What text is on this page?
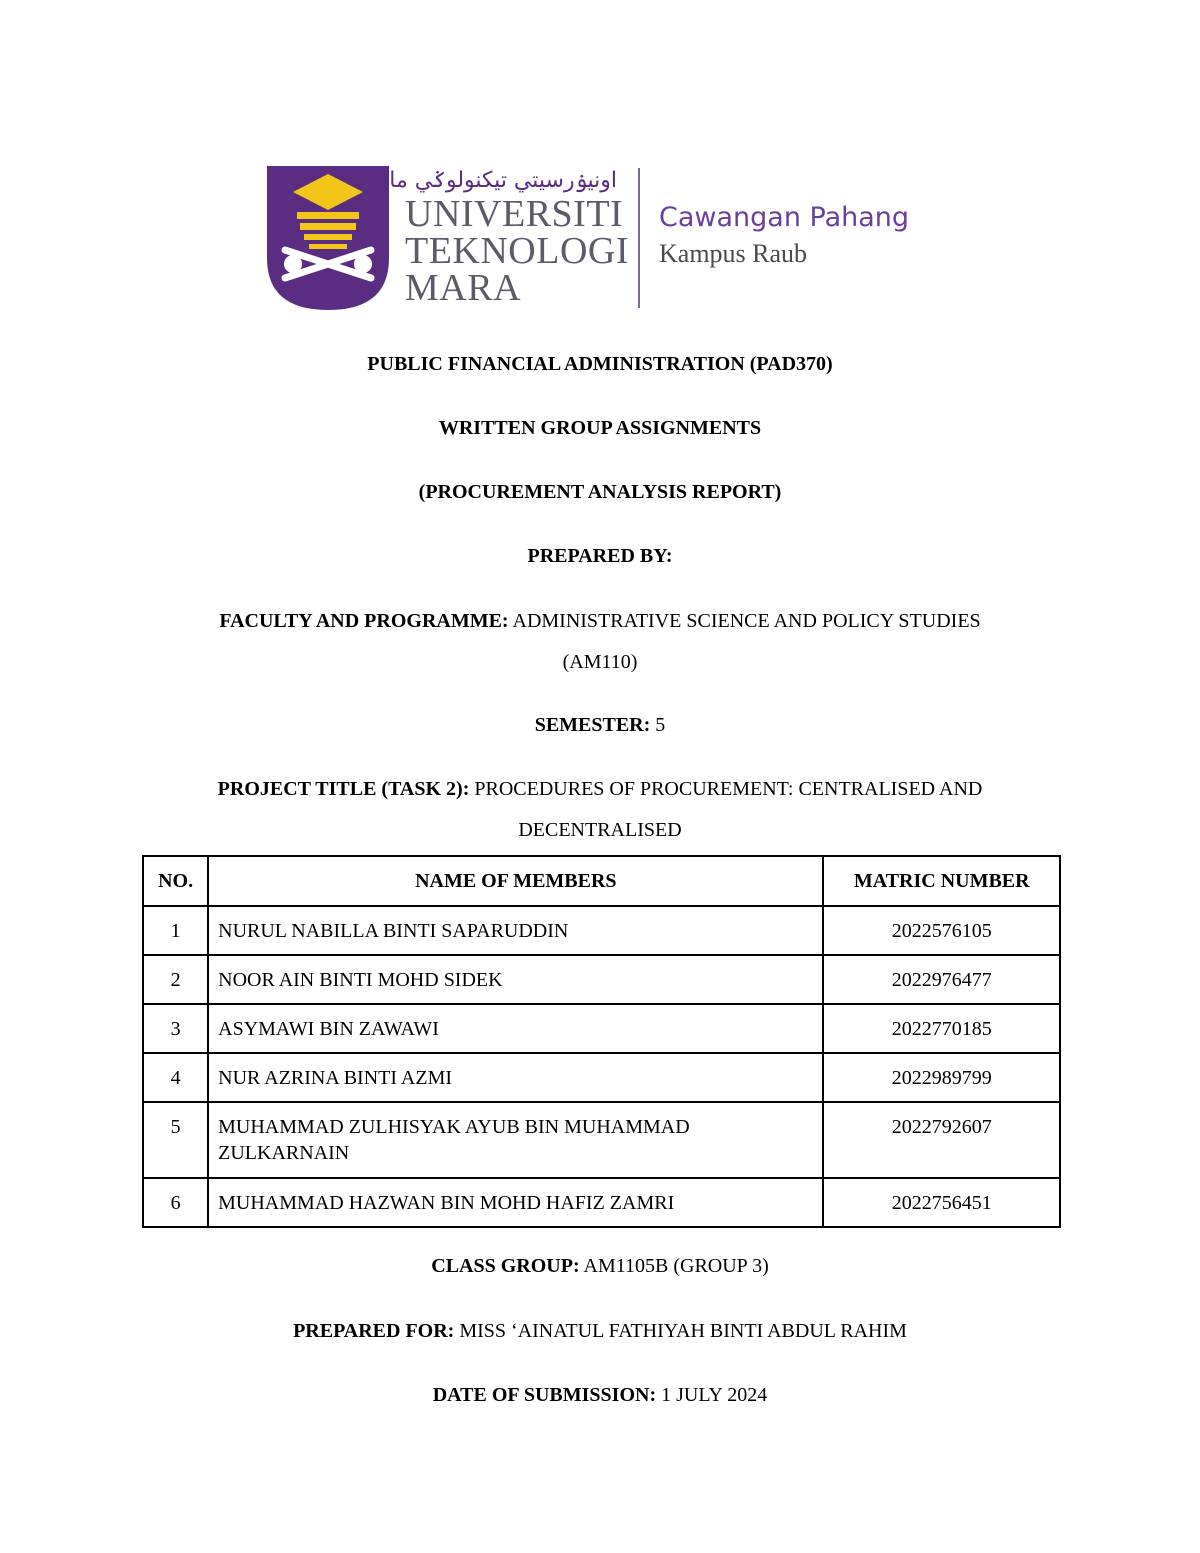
اونيۏرسيتي تيكنولوݢي مارا
UNIVERSITI
TEKNOLOGI
MARA
Cawangan Pahang
Kampus Raub
PUBLIC FINANCIAL ADMINISTRATION (PAD370)
WRITTEN GROUP ASSIGNMENTS
(PROCUREMENT ANALYSIS REPORT)
PREPARED BY:
FACULTY AND PROGRAMME: ADMINISTRATIVE SCIENCE AND POLICY STUDIES
(AM110)
SEMESTER: 5
PROJECT TITLE (TASK 2): PROCEDURES OF PROCUREMENT: CENTRALISED AND
DECENTRALISED
NO.	NAME OF MEMBERS	MATRIC NUMBER
1	NURUL NABILLA BINTI SAPARUDDIN	2022576105
2	NOOR AIN BINTI MOHD SIDEK	2022976477
3	ASYMAWI BIN ZAWAWI	2022770185
4	NUR AZRINA BINTI AZMI	2022989799
5	MUHAMMAD ZULHISYAK AYUB BIN MUHAMMAD ZULKARNAIN	2022792607
6	MUHAMMAD HAZWAN BIN MOHD HAFIZ ZAMRI	2022756451
CLASS GROUP: AM1105B (GROUP 3)
PREPARED FOR: MISS ‘AINATUL FATHIYAH BINTI ABDUL RAHIM
DATE OF SUBMISSION: 1 JULY 2024
